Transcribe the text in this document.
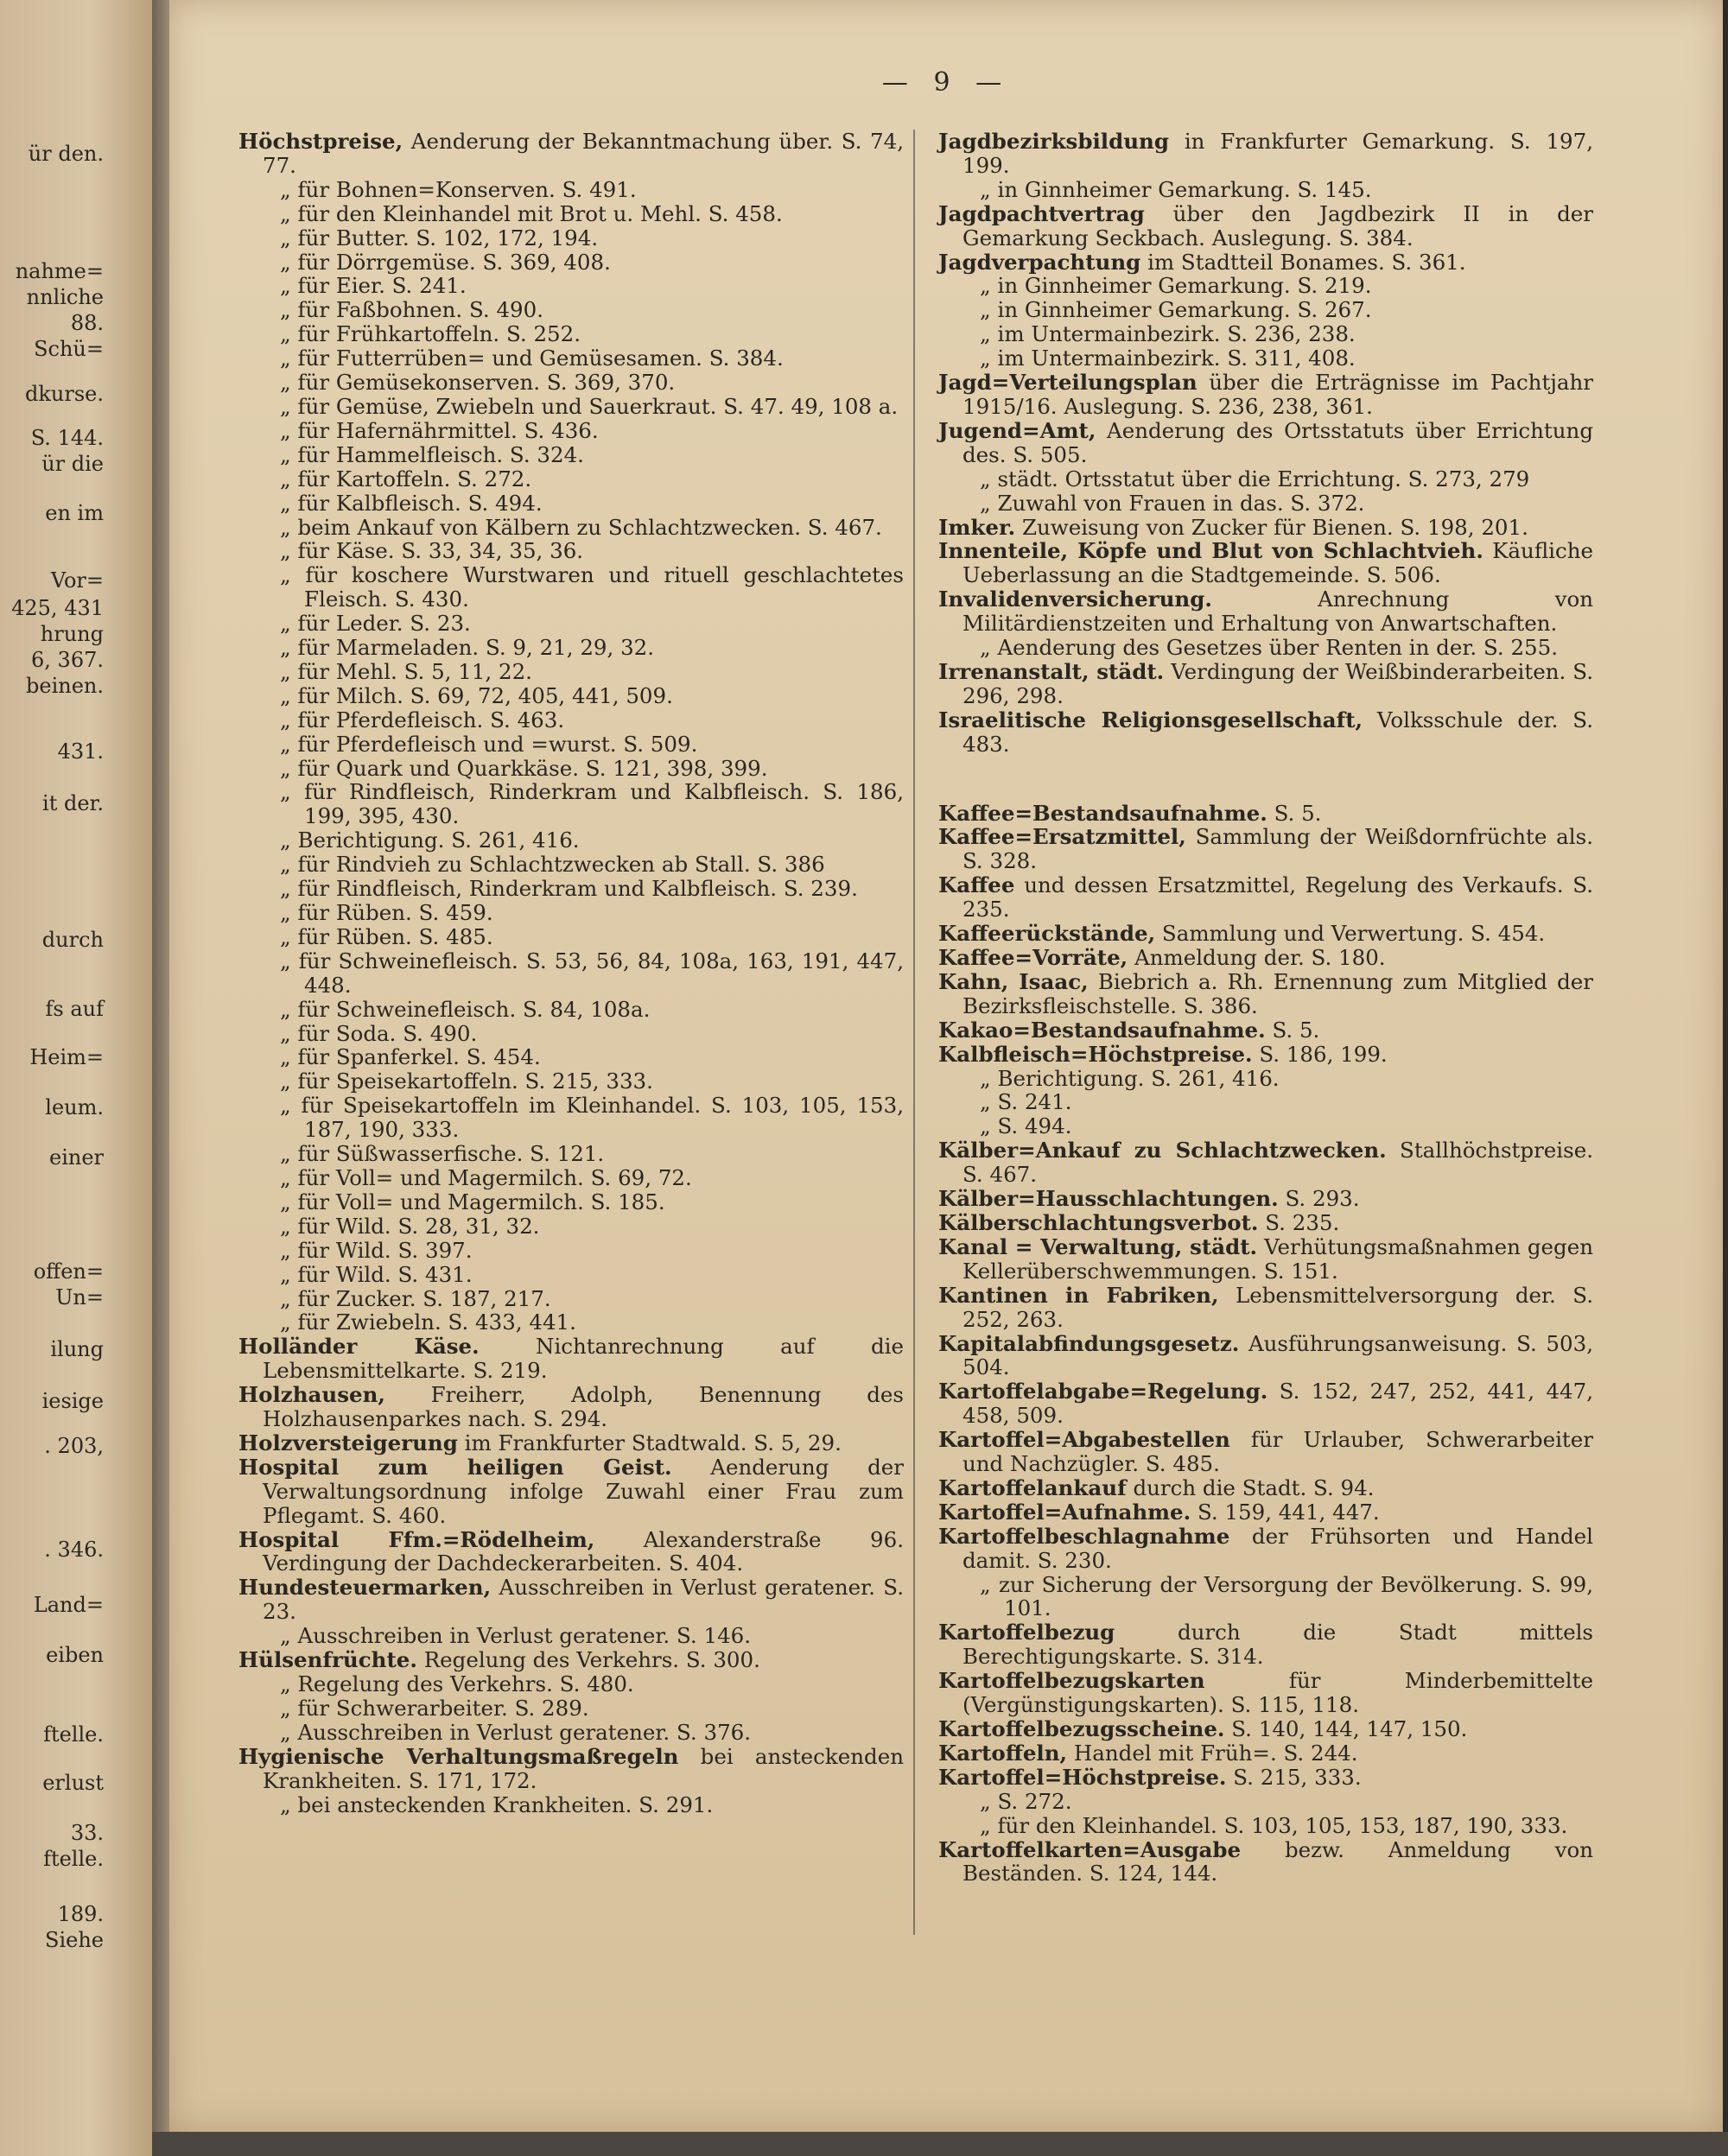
ür den.
nahme=
nnliche
88.
Schü=
dkurse.
S. 144.
ür die
en im
Vor=
425, 431
hrung
6, 367.
beinen.
431.
it der.
durch
fs auf
Heim=
leum.
einer
offen=
Un=
ilung
iesige
. 203,
. 346.
Land=
eiben
ftelle.
erlust
33.
ftelle.
189.
Siehe
— 9 —
Höchstpreise, Aenderung der Bekanntmachung über. S. 74, 77.
„ für Bohnen=Konserven. S. 491.
„ für den Kleinhandel mit Brot u. Mehl. S. 458.
„ für Butter. S. 102, 172, 194.
„ für Dörrgemüse. S. 369, 408.
„ für Eier. S. 241.
„ für Faßbohnen. S. 490.
„ für Frühkartoffeln. S. 252.
„ für Futterrüben= und Gemüsesamen. S. 384.
„ für Gemüsekonserven. S. 369, 370.
„ für Gemüse, Zwiebeln und Sauerkraut. S. 47. 49, 108 a.
„ für Hafernährmittel. S. 436.
„ für Hammelfleisch. S. 324.
„ für Kartoffeln. S. 272.
„ für Kalbfleisch. S. 494.
„ beim Ankauf von Kälbern zu Schlachtzwecken. S. 467.
„ für Käse. S. 33, 34, 35, 36.
„ für koschere Wurstwaren und rituell geschlachtetes Fleisch. S. 430.
„ für Leder. S. 23.
„ für Marmeladen. S. 9, 21, 29, 32.
„ für Mehl. S. 5, 11, 22.
„ für Milch. S. 69, 72, 405, 441, 509.
„ für Pferdefleisch. S. 463.
„ für Pferdefleisch und =wurst. S. 509.
„ für Quark und Quarkkäse. S. 121, 398, 399.
„ für Rindfleisch, Rinderkram und Kalbfleisch. S. 186, 199, 395, 430.
„ Berichtigung. S. 261, 416.
„ für Rindvieh zu Schlachtzwecken ab Stall. S. 386
„ für Rindfleisch, Rinderkram und Kalbfleisch. S. 239.
„ für Rüben. S. 459.
„ für Rüben. S. 485.
„ für Schweinefleisch. S. 53, 56, 84, 108a, 163, 191, 447, 448.
„ für Schweinefleisch. S. 84, 108a.
„ für Soda. S. 490.
„ für Spanferkel. S. 454.
„ für Speisekartoffeln. S. 215, 333.
„ für Speisekartoffeln im Kleinhandel. S. 103, 105, 153, 187, 190, 333.
„ für Süßwasserfische. S. 121.
„ für Voll= und Magermilch. S. 69, 72.
„ für Voll= und Magermilch. S. 185.
„ für Wild. S. 28, 31, 32.
„ für Wild. S. 397.
„ für Wild. S. 431.
„ für Zucker. S. 187, 217.
„ für Zwiebeln. S. 433, 441.
Holländer Käse.	Nichtanrechnung auf die Lebensmittelkarte. S. 219.
Holzhausen, Freiherr, Adolph, Benennung des Holzhausenparkes nach. S. 294.
Holzversteigerung im Frankfurter Stadtwald. S. 5, 29.
Hospital zum heiligen Geist. Aenderung der Verwaltungsordnung infolge Zuwahl einer Frau zum Pflegamt. S. 460.
Hospital Ffm.=Rödelheim, Alexanderstraße 96. Verdingung der Dachdeckerarbeiten. S. 404.
Hundesteuermarken, Ausschreiben in Verlust geratener. S. 23.
„ Ausschreiben in Verlust geratener. S. 146.
Hülsenfrüchte. Regelung des Verkehrs. S. 300.
„ Regelung des Verkehrs. S. 480.
„ für Schwerarbeiter. S. 289.
„ Ausschreiben in Verlust geratener. S. 376.
Hygienische Verhaltungsmaßregeln bei ansteckenden Krankheiten. S. 171, 172.
„ bei ansteckenden Krankheiten. S. 291.
Jagdbezirksbildung in Frankfurter Gemarkung. S. 197, 199.
„ in Ginnheimer Gemarkung. S. 145.
Jagdpachtvertrag über den Jagdbezirk II in der Gemarkung Seckbach. Auslegung. S. 384.
Jagdverpachtung im Stadtteil Bonames. S. 361.
„ in Ginnheimer Gemarkung. S. 219.
„ in Ginnheimer Gemarkung. S. 267.
„ im Untermainbezirk. S. 236, 238.
„ im Untermainbezirk. S. 311, 408.
Jagd=Verteilungsplan über die Erträgnisse im Pachtjahr 1915/16. Auslegung. S. 236, 238, 361.
Jugend=Amt, Aenderung des Ortsstatuts über Errichtung des. S. 505.
„ städt. Ortsstatut über die Errichtung. S. 273, 279
„ Zuwahl von Frauen in das. S. 372.
Imker. Zuweisung von Zucker für Bienen. S. 198, 201.
Innenteile, Köpfe und Blut von Schlachtvieh. Käufliche Ueberlassung an die Stadtgemeinde. S. 506.
Invalidenversicherung.	Anrechnung von Militärdienstzeiten und Erhaltung von Anwartschaften.
„ Aenderung des Gesetzes über Renten in der. S. 255.
Irrenanstalt, städt. Verdingung der Weißbinderarbeiten. S. 296, 298.
Israelitische Religionsgesellschaft, Volksschule der. S. 483.
Kaffee=Bestandsaufnahme. S. 5.
Kaffee=Ersatzmittel, Sammlung der Weißdornfrüchte als. S. 328.
Kaffee und dessen Ersatzmittel, Regelung des Verkaufs. S. 235.
Kaffeerückstände, Sammlung und Verwertung. S. 454.
Kaffee=Vorräte, Anmeldung der. S. 180.
Kahn, Isaac, Biebrich a. Rh. Ernennung zum Mitglied der Bezirksfleischstelle. S. 386.
Kakao=Bestandsaufnahme. S. 5.
Kalbfleisch=Höchstpreise. S. 186, 199.
„ Berichtigung. S. 261, 416.
„ S. 241.
„ S. 494.
Kälber=Ankauf zu Schlachtzwecken. Stallhöchstpreise. S. 467.
Kälber=Hausschlachtungen. S. 293.
Kälberschlachtungsverbot. S. 235.
Kanal = Verwaltung, städt. Verhütungsmaßnahmen gegen Kellerüberschwemmungen. S. 151.
Kantinen in Fabriken, Lebensmittelversorgung der. S. 252, 263.
Kapitalabfindungsgesetz. Ausführungsanweisung. S. 503, 504.
Kartoffelabgabe=Regelung. S. 152, 247, 252, 441, 447, 458, 509.
Kartoffel=Abgabestellen für Urlauber, Schwerarbeiter und Nachzügler. S. 485.
Kartoffelankauf durch die Stadt. S. 94.
Kartoffel=Aufnahme. S. 159, 441, 447.
Kartoffelbeschlagnahme der Frühsorten und Handel damit. S. 230.
„ zur Sicherung der Versorgung der Bevölkerung. S. 99, 101.
Kartoffelbezug	durch die Stadt mittels Berechtigungskarte. S. 314.
Kartoffelbezugskarten	für Minderbemittelte (Vergünstigungskarten). S. 115, 118.
Kartoffelbezugsscheine. S. 140, 144, 147, 150.
Kartoffeln, Handel mit Früh=. S. 244.
Kartoffel=Höchstpreise. S. 215, 333.
„ S. 272.
„ für den Kleinhandel. S. 103, 105, 153, 187, 190, 333.
Kartoffelkarten=Ausgabe bezw. Anmeldung von Beständen. S. 124, 144.
